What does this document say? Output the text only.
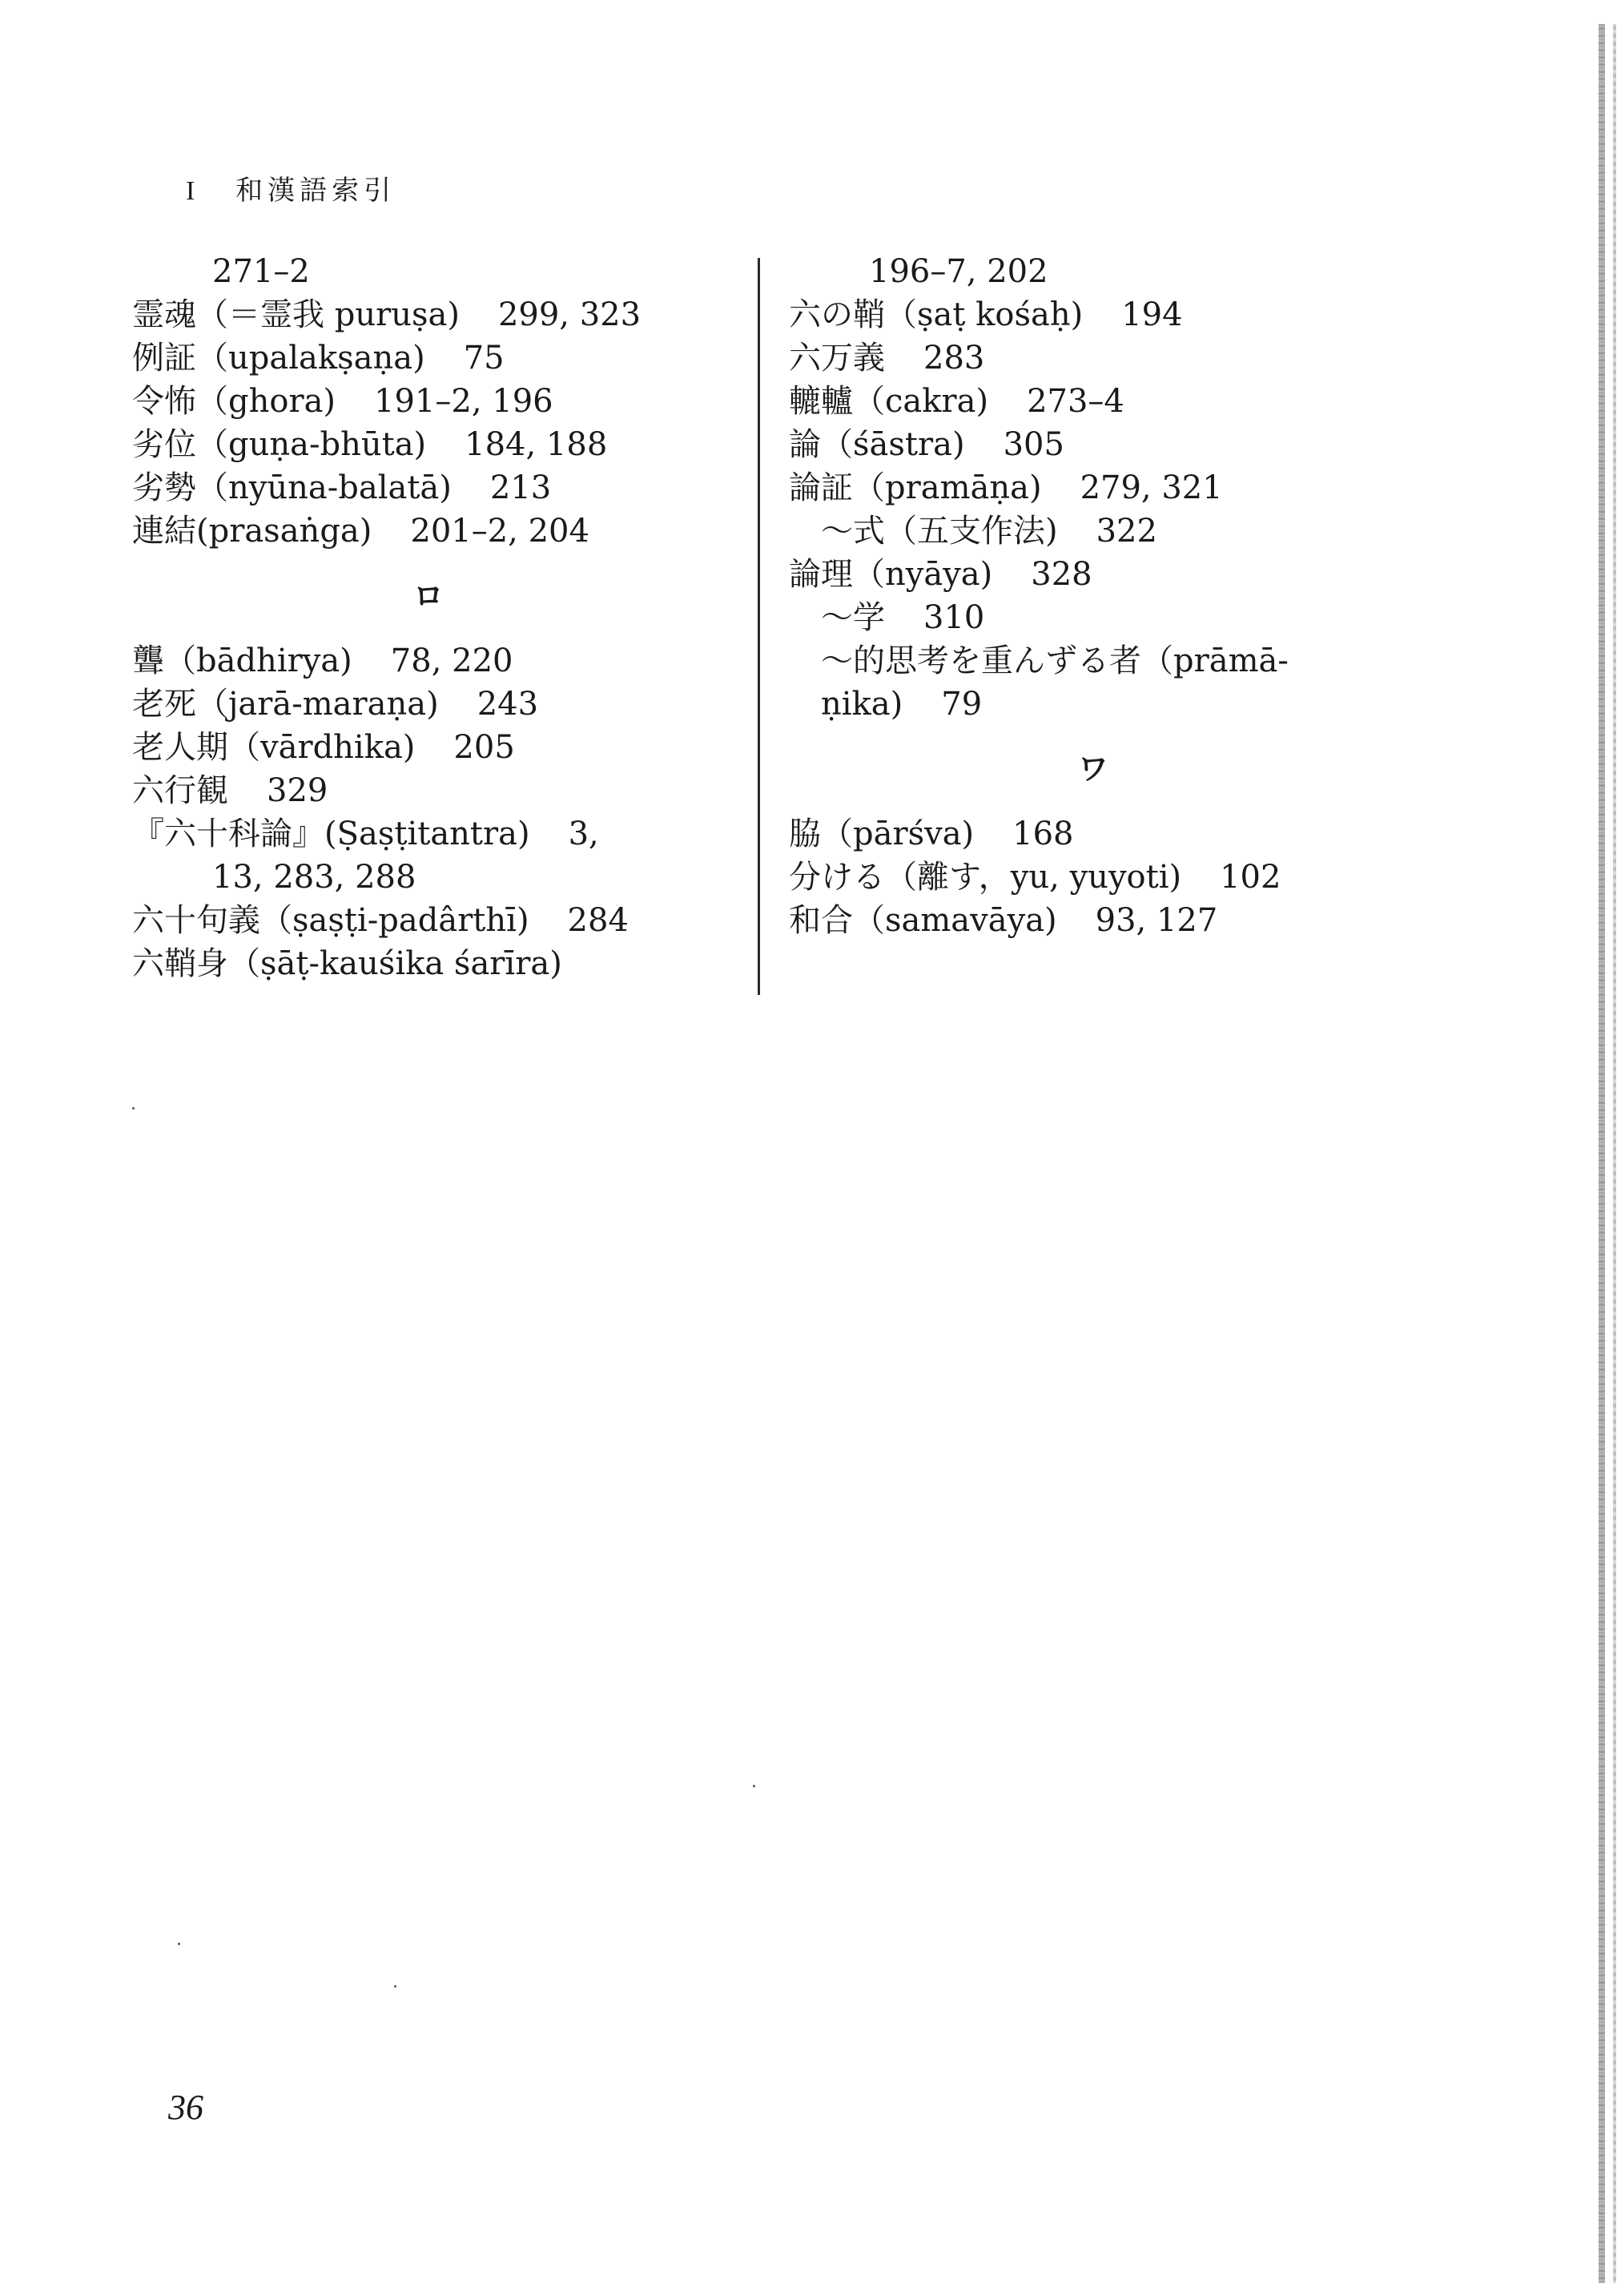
I 和漢語索引
271–2
霊魂（＝霊我 puruṣa) 299, 323
例証（upalakṣaṇa) 75
令怖（ghora) 191–2, 196
劣位（guṇa-bhūta) 184, 188
劣勢（nyūna-balatā) 213
連結(prasaṅga) 201–2, 204
ロ
聾（bādhirya) 78, 220
老死（jarā-maraṇa) 243
老人期（vārdhika) 205
六行観 329
『六十科論』(Ṣaṣṭitantra) 3,
13, 283, 288
六十句義（ṣaṣṭi-padârthī) 284
六鞘身（ṣāṭ-kauśika śarīra)
196–7, 202
六の鞘（ṣaṭ kośaḥ) 194
六万義 283
轆轤（cakra) 273–4
論（śāstra) 305
論証（pramāṇa) 279, 321
～式（五支作法) 322
論理（nyāya) 328
～学 310
～的思考を重んずる者（prāmā-
ṇika) 79
ワ
脇（pārśva) 168
分ける（離す，yu, yuyoti) 102
和合（samavāya) 93, 127
36
